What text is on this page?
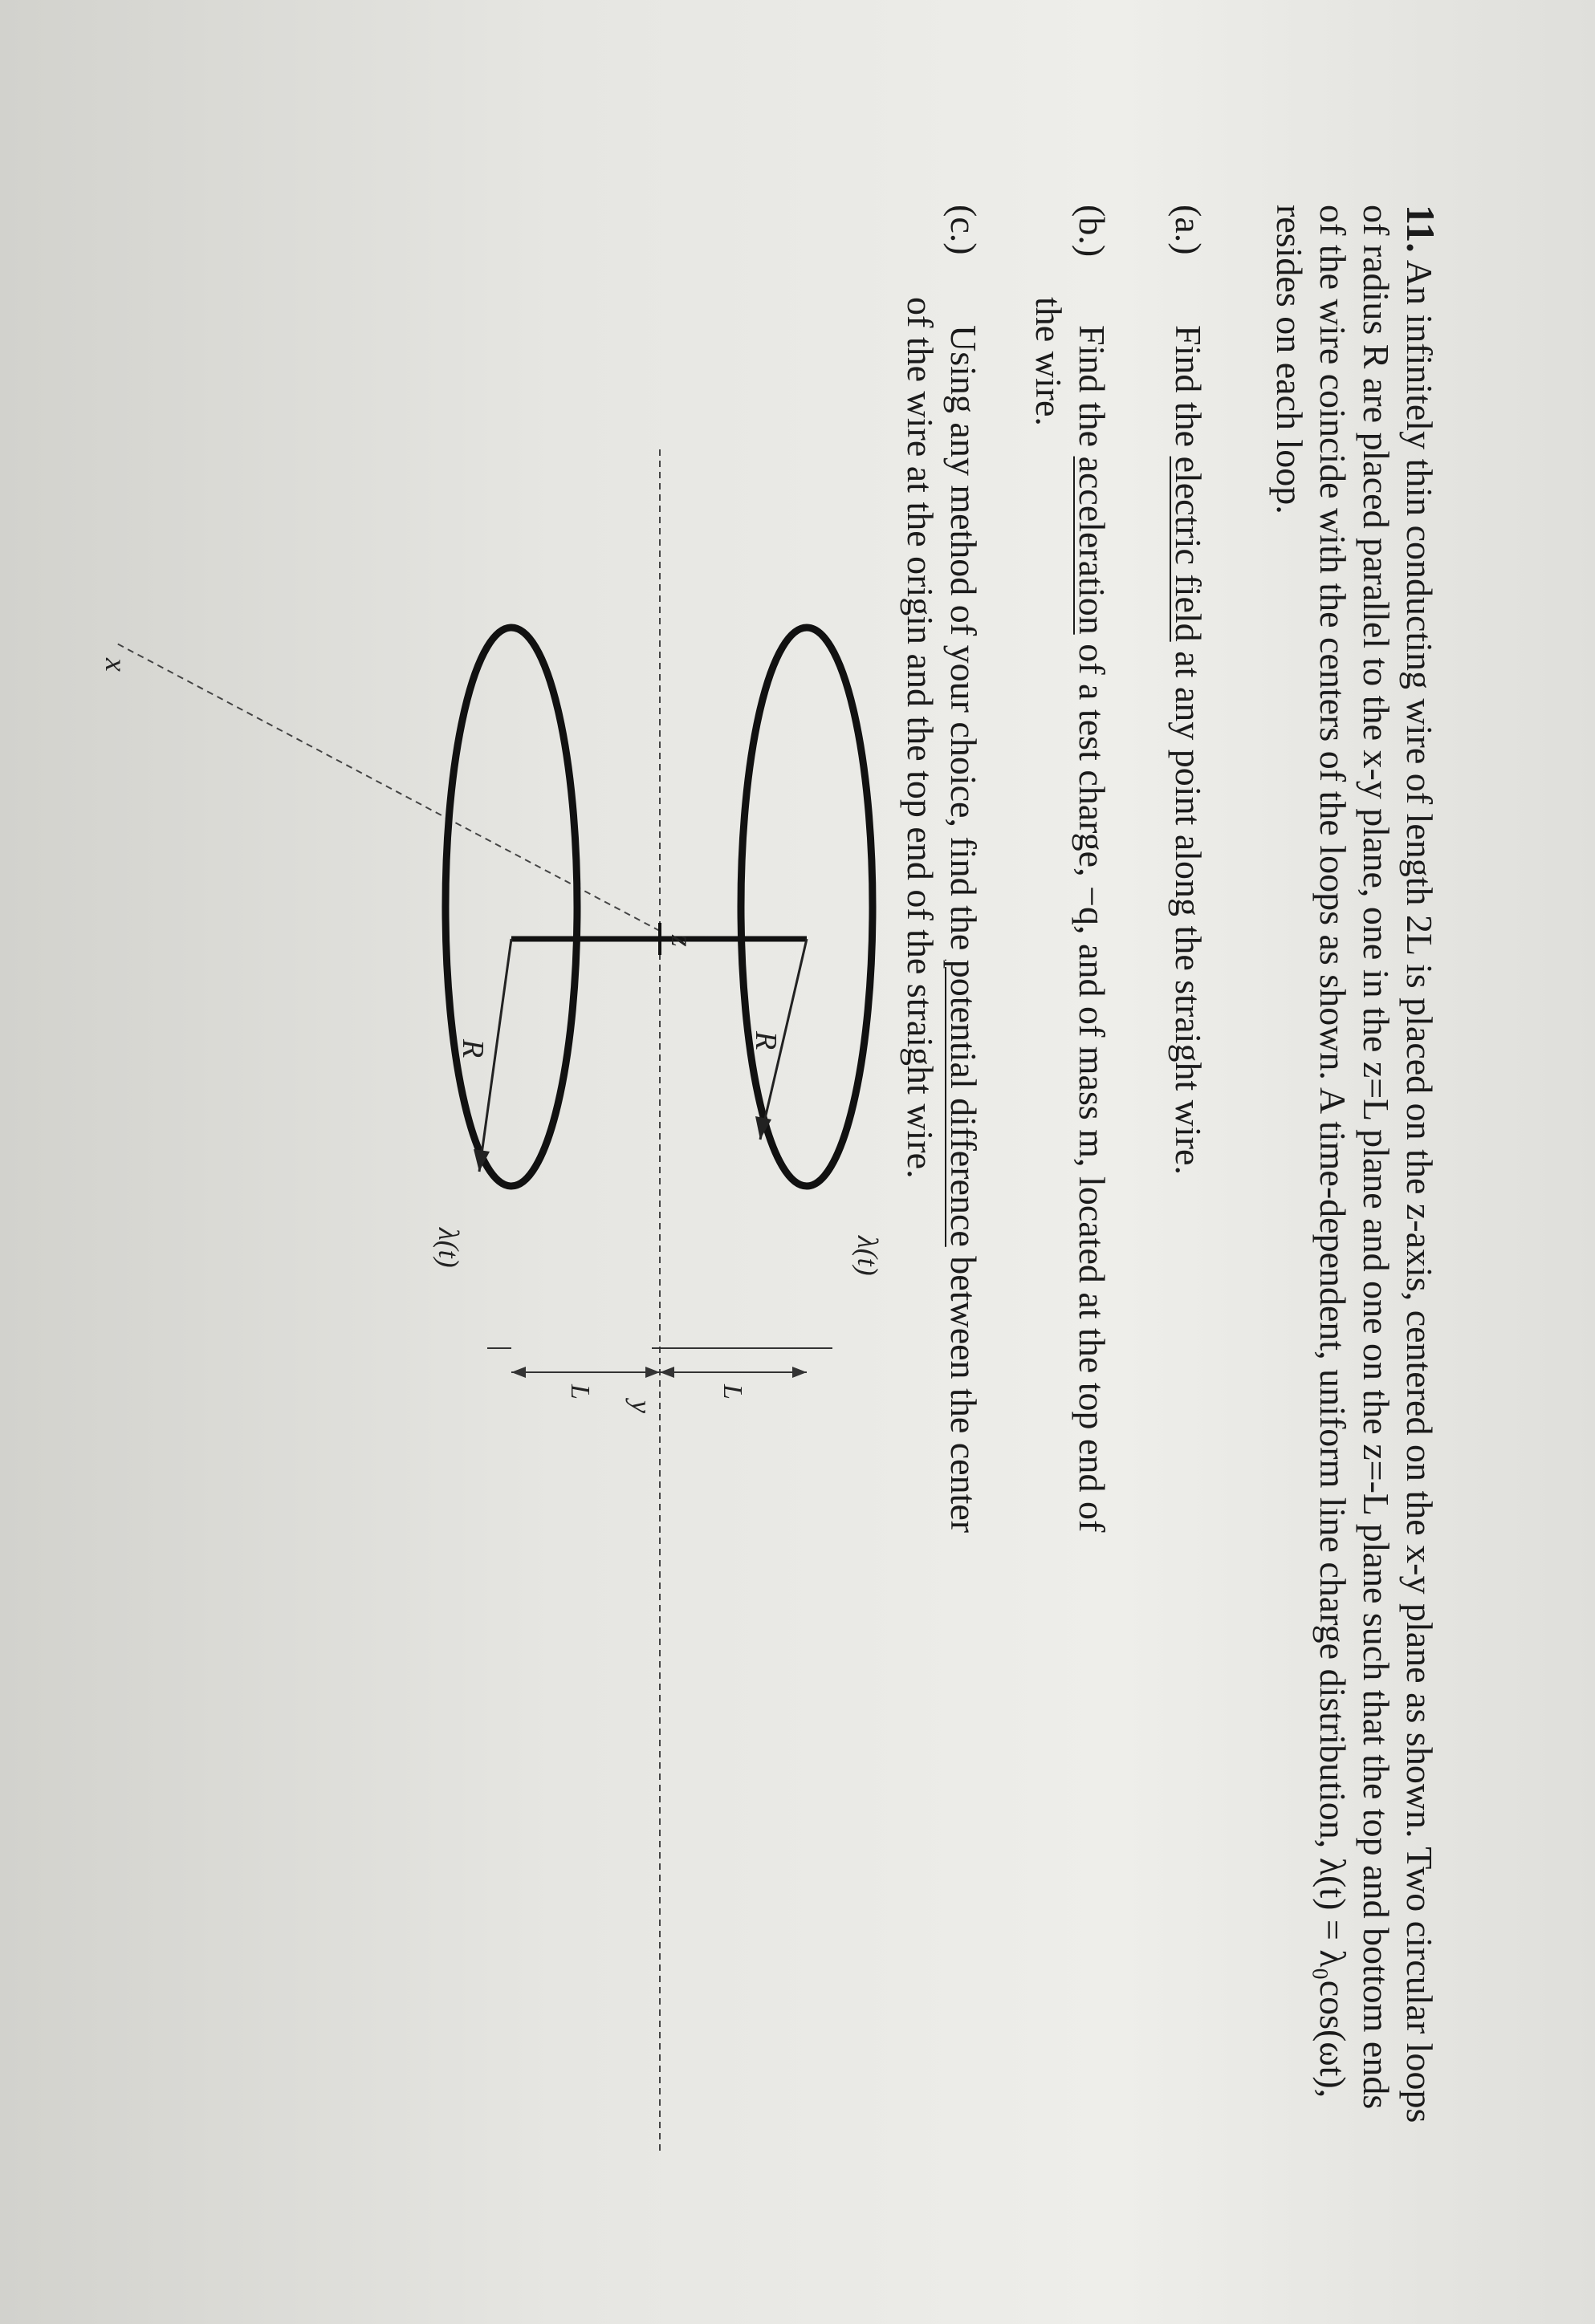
11. An infinitely thin conducting wire of length 2L is placed on the z-axis, centered on the x-y plane as shown. Two circular loops of radius R are placed parallel to the x-y plane, one in the z=L plane and one on the z=-L plane such that the top and bottom ends of the wire coincide with the centers of the loops as shown. A time-dependent, uniform line charge distribution, λ(t) = λ₀cos(ωt), resides on each loop.

(a.)Find the electric field at any point along the straight wire.
(b.)Find the acceleration of a test charge, −q, and of mass m, located at the top end of
the wire.
(c.)Using any method of your choice, find the potential difference between the center
of the wire at the origin and the top end of the straight wire.
z
x
y
R
R
λ(t)
λ(t)
L
L
